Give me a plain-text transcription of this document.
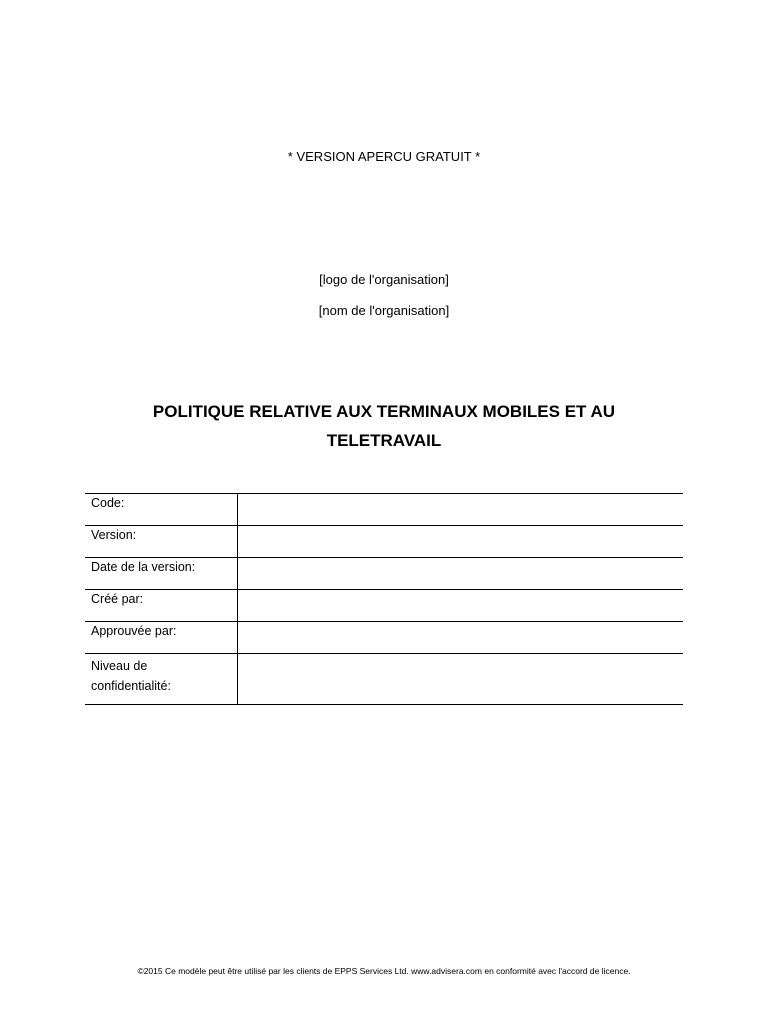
* VERSION APERCU GRATUIT *
[logo de l'organisation]
[nom de l'organisation]
POLITIQUE RELATIVE AUX TERMINAUX MOBILES ET AU
TELETRAVAIL
Code:	
Version:	
Date de la version:	
Créé par:	
Approuvée par:	
Niveau de
confidentialité:	
©2015 Ce modèle peut être utilisé par les clients de EPPS Services Ltd. www.advisera.com en conformité avec l'accord de licence.
